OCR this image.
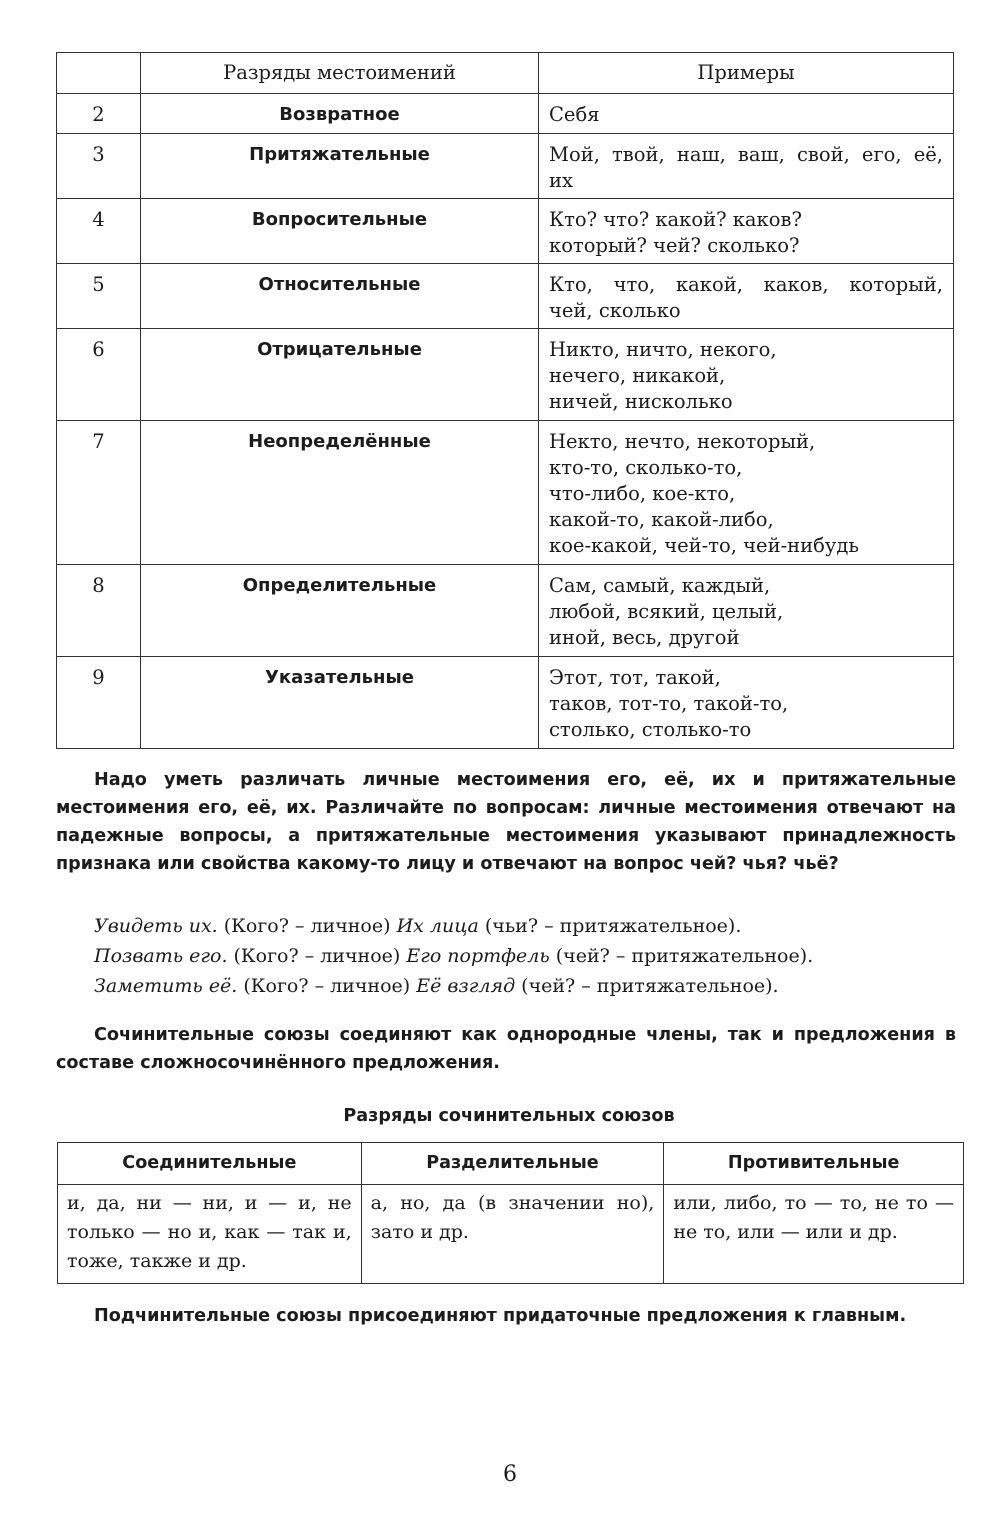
	Разряды местоимений	Примеры
2	Возвратное	Себя

3	Притяжательные	Мой, твой, наш, ваш, свой, его, её,
их

4	Вопросительные	Кто? что? какой? каков?
который? чей? сколько?

5	Относительные	Кто, что, какой, каков, который,
чей, сколько

6	Отрицательные	Никто, ничто, некого,
нечего, никакой,
ничей, нисколько

7	Неопределённые	Некто, нечто, некоторый,
кто-то, сколько-то,
что-либо, кое-кто,
какой-то, какой-либо,
кое-какой, чей-то, чей-нибудь

8	Определительные	Сам, самый, каждый,
любой, всякий, целый,
иной, весь, другой

9	Указательные	Этот, тот, такой,
таков, тот-то, такой-то,
столько, столько-то

Надо уметь различать личные местоимения его, её, их и притяжательные местоимения его, её, их. Различайте по вопросам: личные местоимения отвечают на падежные вопросы, а притяжательные местоимения указывают принадлежность признака или свойства какому-то лицу и отвечают на вопрос чей? чья? чьё?

Увидеть их. (Кого? – личное) Их лица (чьи? – притяжательное).
Позвать его. (Кого? – личное) Его портфель (чей? – притяжательное).
Заметить её. (Кого? – личное) Её взгляд (чей? – притяжательное).

Сочинительные союзы соединяют как однородные члены, так и предложения в составе сложносочинённого предложения.

Разряды сочинительных союзов
Соединительные	Разделительные	Противительные
и, да, ни — ни, и — и, не только — но и, как — так и, тоже, также и др.	а, но, да (в значении но), зато и др.	или, либо, то — то, не то — не то, или — или и др.

Подчинительные союзы присоединяют придаточные предложения к главным.

6
